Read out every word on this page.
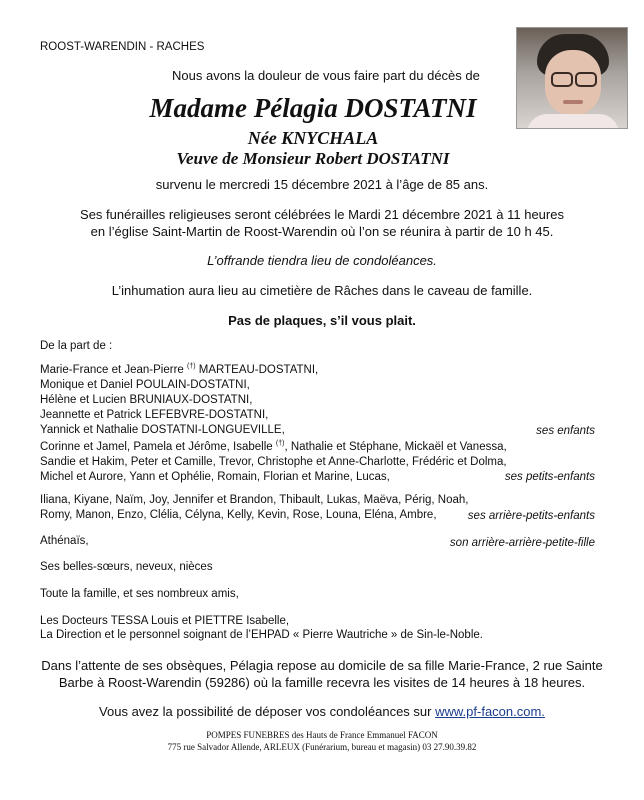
ROOST-WARENDIN - RACHES
Nous avons la douleur de vous faire part du décès de
Madame Pélagia DOSTATNI
Née KNYCHALA
Veuve de Monsieur Robert DOSTATNI
survenu le mercredi 15 décembre 2021 à l’âge de 85 ans.
Ses funérailles religieuses seront célébrées le Mardi 21 décembre 2021 à 11 heures
en l’église Saint-Martin de Roost-Warendin où l’on se réunira à partir de 10 h 45.
L’offrande tiendra lieu de condoléances.
L’inhumation aura lieu au cimetière de Râches dans le caveau de famille.
Pas de plaques, s’il vous plait.
De la part de :
Marie-France et Jean-Pierre (†) MARTEAU-DOSTATNI,
Monique et Daniel POULAIN-DOSTATNI,
Hélène et Lucien BRUNIAUX-DOSTATNI,
Jeannette et Patrick LEFEBVRE-DOSTATNI,
Yannick et Nathalie DOSTATNI-LONGUEVILLE,	ses enfants
Corinne et Jamel, Pamela et Jérôme, Isabelle (†), Nathalie et Stéphane, Mickaël et Vanessa,
Sandie et Hakim, Peter et Camille, Trevor, Christophe et Anne-Charlotte, Frédéric et Dolma,
Michel et Aurore, Yann et Ophélie, Romain, Florian et Marine, Lucas,	ses petits-enfants
Iliana, Kiyane, Naïm, Joy, Jennifer et Brandon, Thibault, Lukas, Maëva, Périg, Noah,
Romy, Manon, Enzo, Clélia, Célyna, Kelly, Kevin, Rose, Louna, Eléna, Ambre,	ses arrière-petits-enfants
Athénaïs,	son arrière-arrière-petite-fille
Ses belles-sœurs, neveux, nièces
Toute la famille, et ses nombreux amis,
Les Docteurs TESSA Louis et PIETTRE Isabelle,
La Direction et le personnel soignant de l’EHPAD « Pierre Wautriche » de Sin-le-Noble.
Dans l’attente de ses obsèques, Pélagia repose au domicile de sa fille Marie-France, 2 rue Sainte
Barbe à Roost-Warendin (59286) où la famille recevra les visites de 14 heures à 18 heures.
Vous avez la possibilité de déposer vos condoléances sur www.pf-facon.com.
POMPES FUNEBRES des Hauts de France Emmanuel FACON
775 rue Salvador Allende, ARLEUX (Funérarium, bureau et magasin) 03 27.90.39.82
